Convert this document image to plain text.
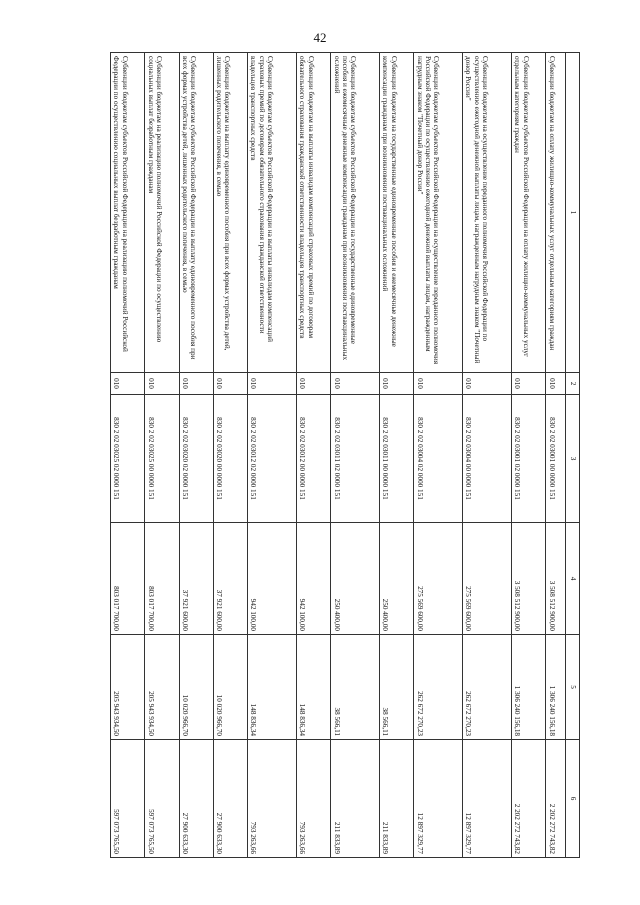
42
1	2	3	4	5	6
Субвенции бюджетам на оплату жилищно-коммунальных услуг отдельным категориям граждан	010	830 2 02 03001 00 0000 151	3 508 512 900,00	1 306 240 156,18	2 202 272 743,82
Субвенции бюджетам субъектов Российской Федерации на оплату жилищно-коммунальных услуг отдельным категориям граждан	010	830 2 02 03001 02 0000 151	3 508 512 900,00	1 306 240 156,18	2 202 272 743,82
Субвенции бюджетам на осуществление переданного полномочия Российской Федерации по осуществлению ежегодной денежной выплаты лицам, награжденным нагрудным знаком "Почетный донор России"	010	830 2 02 03004 00 0000 151	275 569 600,00	262 672 270,23	12 897 329,77
Субвенции бюджетам субъектов Российской Федерации на осуществление переданного полномочия Российской Федерации по осуществлению ежегодной денежной выплаты лицам, награжденным нагрудным знаком "Почетный донор России"	010	830 2 02 03004 02 0000 151	275 569 600,00	262 672 270,23	12 897 329,77
Субвенции бюджетам на государственные единовременные пособия и ежемесячные денежные компенсации гражданам при возникновении поствакцинальных осложнений	010	830 2 02 03011 00 0000 151	250 400,00	38 566,11	211 833,89
Субвенции бюджетам субъектов Российской Федерации на государственные единовременные пособия и ежемесячные денежные компенсации гражданам при возникновении поствакцинальных осложнений	010	830 2 02 03011 02 0000 151	250 400,00	38 566,11	211 833,89
Субвенции бюджетам на выплаты инвалидам компенсаций страховых премий по договорам обязательного страхования гражданской ответственности владельцев транспортных средств	010	830 2 02 03012 00 0000 151	942 100,00	148 836,34	793 263,66
Субвенции бюджетам субъектов Российской Федерации на выплаты инвалидам компенсаций страховых премий по договорам обязательного страхования гражданской ответственности владельцев транспортных средств	010	830 2 02 03012 02 0000 151	942 100,00	148 836,34	793 263,66
Субвенции бюджетам на выплату единовременного пособия при всех формах устройства детей, лишенных родительского попечения, в семью	010	830 2 02 03020 00 0000 151	37 921 600,00	10 020 966,70	27 900 633,30
Субвенции бюджетам субъектов Российской Федерации на выплату единовременного пособия при всех формах устройства детей, лишенных родительского попечения, в семью	010	830 2 02 03020 02 0000 151	37 921 600,00	10 020 966,70	27 900 633,30
Субвенции бюджетам на реализацию полномочий Российской Федерации по осуществлению социальных выплат безработным гражданам	010	830 2 02 03025 00 0000 151	803 017 700,00	205 943 934,50	597 073 765,50
Субвенции бюджетам субъектов Российской Федерации на реализацию полномочий Российской Федерации по осуществлению социальных выплат безработным гражданам	010	830 2 02 03025 02 0000 151	803 017 700,00	205 943 934,50	597 073 765,50
